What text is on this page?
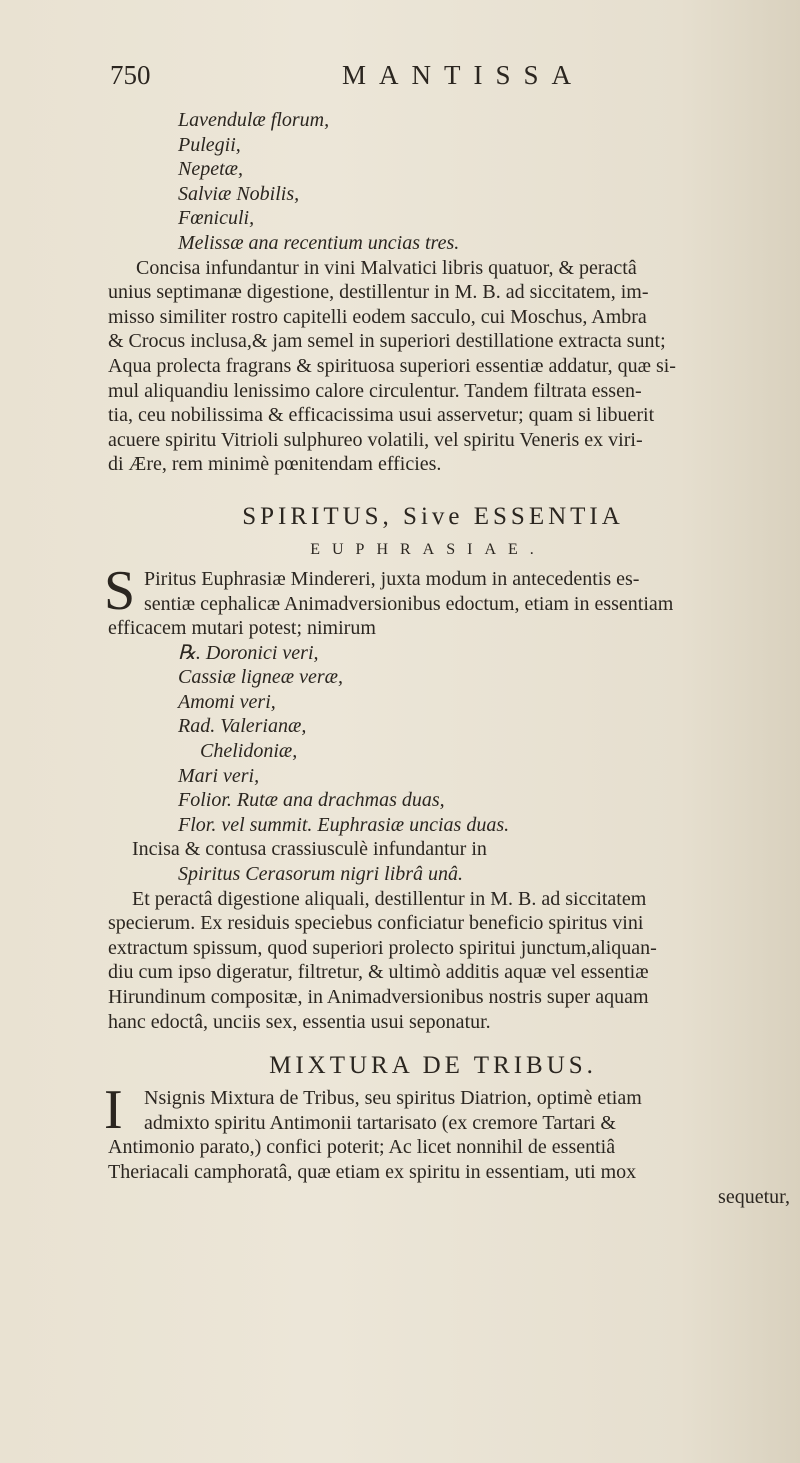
750	MANTISSA
Lavendulæ florum,
Pulegii,
Nepetæ,
Salviæ Nobilis,
Fœniculi,
Melissæ ana recentium uncias tres.
Concisa infundantur in vini Malvatici libris quatuor, & peractâ
unius septimanæ digestione, destillentur in M. B. ad siccitatem, im-
misso similiter rostro capitelli eodem sacculo, cui Moschus, Ambra
& Crocus inclusa,& jam semel in superiori destillatione extracta sunt;
Aqua prolecta fragrans & spirituosa superiori essentiæ addatur, quæ si-
mul aliquandiu lenissimo calore circulentur. Tandem filtrata essen-
tia, ceu nobilissima & efficacissima usui asservetur; quam si libuerit
acuere spiritu Vitrioli sulphureo volatili, vel spiritu Veneris ex viri-
di Ære, rem minimè pœnitendam efficies.
SPIRITUS, Sive ESSENTIA
EUPHRASIAE.
S Piritus Euphrasiæ Mindereri, juxta modum in antecedentis es-
sentiæ cephalicæ Animadversionibus edoctum, etiam in essentiam
efficacem mutari potest; nimirum
℞. Doronici veri,
Cassiæ ligneæ veræ,
Amomi veri,
Rad. Valerianæ,
Chelidoniæ,
Mari veri,
Folior. Rutæ ana drachmas duas,
Flor. vel summit. Euphrasiæ uncias duas.
Incisa & contusa crassiusculè infundantur in
Spiritus Cerasorum nigri librâ unâ.
Et peractâ digestione aliquali, destillentur in M. B. ad siccitatem
specierum. Ex residuis speciebus conficiatur beneficio spiritus vini
extractum spissum, quod superiori prolecto spiritui junctum,aliquan-
diu cum ipso digeratur, filtretur, & ultimò additis aquæ vel essentiæ
Hirundinum compositæ, in Animadversionibus nostris super aquam
hanc edoctâ, unciis sex, essentia usui seponatur.
MIXTURA DE TRIBUS.
I	Nsignis Mixtura de Tribus, seu spiritus Diatrion, optimè etiam
admixto spiritu Antimonii tartarisato (ex cremore Tartari &
Antimonio parato,) confici poterit; Ac licet nonnihil de essentiâ
Theriacali camphoratâ, quæ etiam ex spiritu in essentiam, uti mox
sequetur,
